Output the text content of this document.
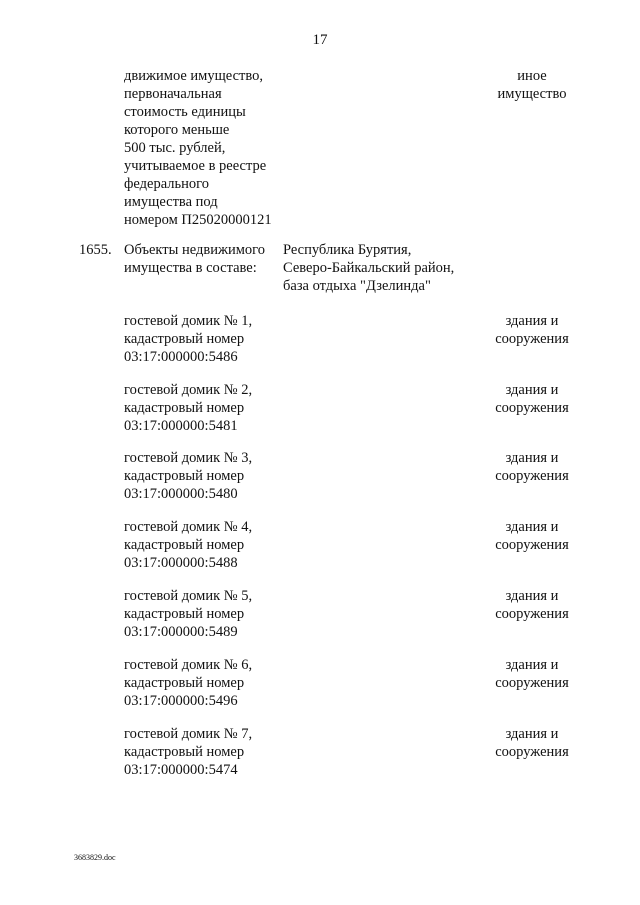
17
движимое имущество,
первоначальная
стоимость единицы
которого меньше
500 тыс. рублей,
учитываемое в реестре
федерального
имущества под
номером П25020000121
иное
имущество
1655. Объекты недвижимого
имущества в составе:
Республика Бурятия,
Северо-Байкальский район,
база отдыха "Дзелинда"
гостевой домик № 1,
кадастровый номер
03:17:000000:5486
здания и
сооружения
гостевой домик № 2,
кадастровый номер
03:17:000000:5481
здания и
сооружения
гостевой домик № 3,
кадастровый номер
03:17:000000:5480
здания и
сооружения
гостевой домик № 4,
кадастровый номер
03:17:000000:5488
здания и
сооружения
гостевой домик № 5,
кадастровый номер
03:17:000000:5489
здания и
сооружения
гостевой домик № 6,
кадастровый номер
03:17:000000:5496
здания и
сооружения
гостевой домик № 7,
кадастровый номер
03:17:000000:5474
здания и
сооружения
3683829.doc
